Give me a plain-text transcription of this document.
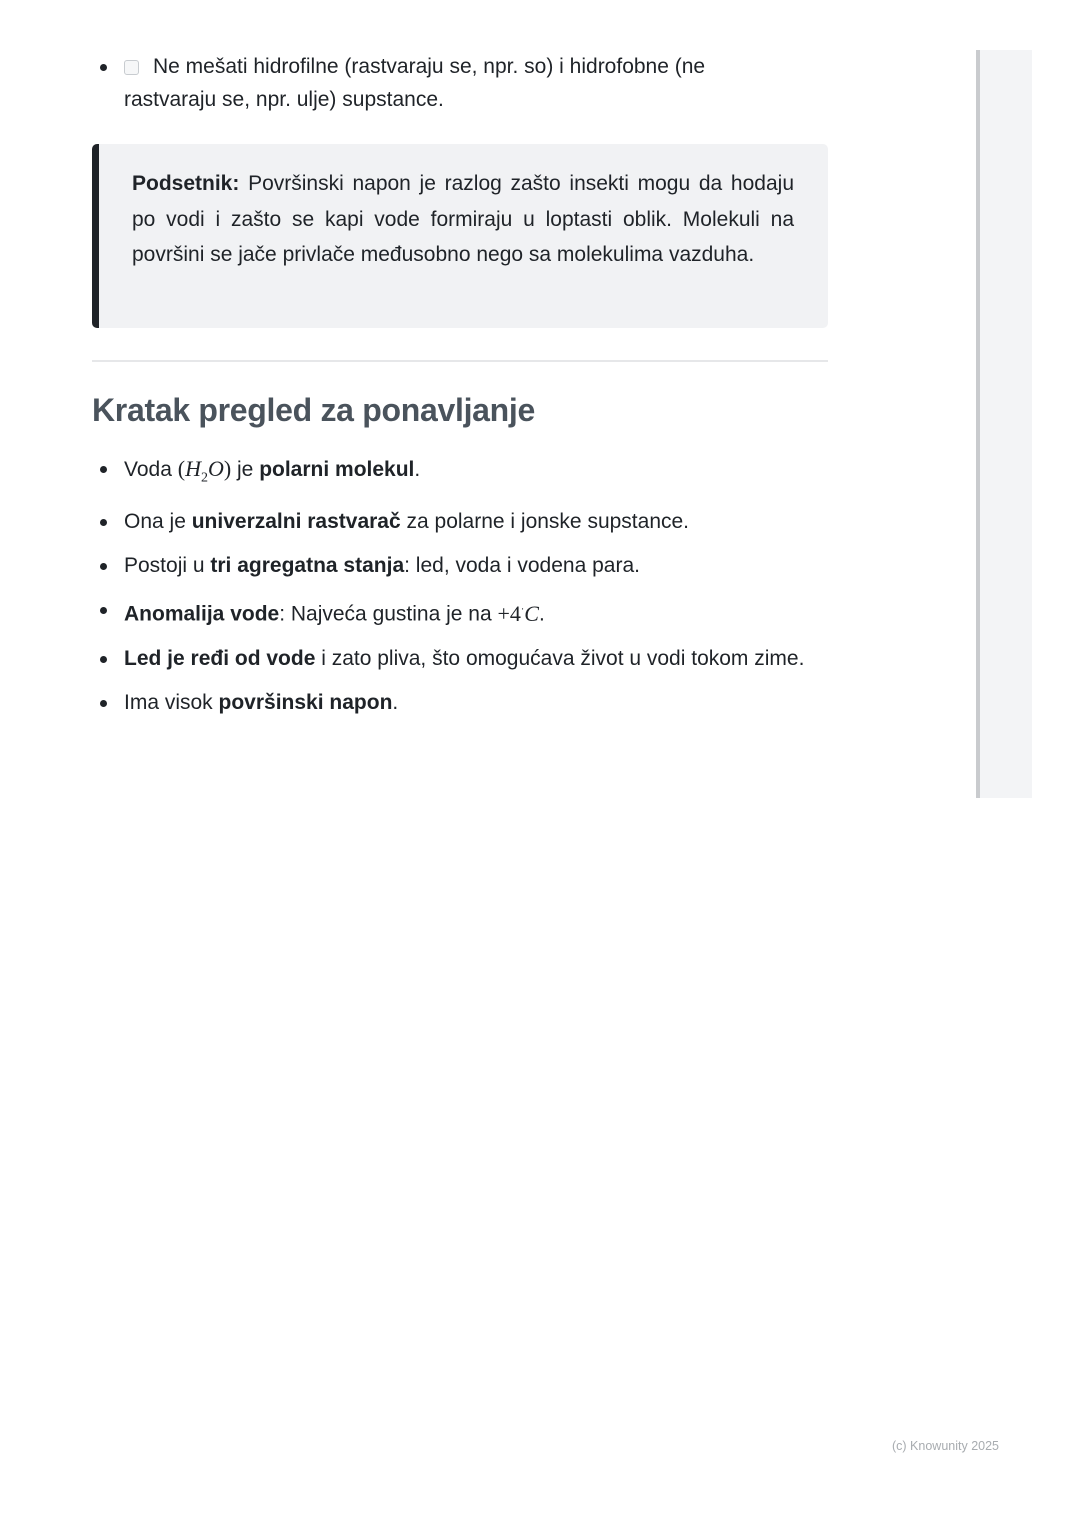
Ne mešati hidrofilne (rastvaraju se, npr. so) i hidrofobne (ne rastvaraju se, npr. ulje) supstance.

Podsetnik: Površinski napon je razlog zašto insekti mogu da hodaju po vodi i zašto se kapi vode formiraju u loptasti oblik. Molekuli na površini se jače privlače međusobno nego sa molekulima vazduha.

Kratak pregled za ponavljanje
Voda $(H_2O)$ je polarni molekul.
Ona je univerzalni rastvarač za polarne i jonske supstance.
Postoji u tri agregatna stanja: led, voda i vodena para.
Anomalija vode: Najveća gustina je na +4·C.
Led je ređi od vode i zato pliva, što omogućava život u vodi tokom zime.
Ima visok površinski napon.
(c) Knowunity 2025
